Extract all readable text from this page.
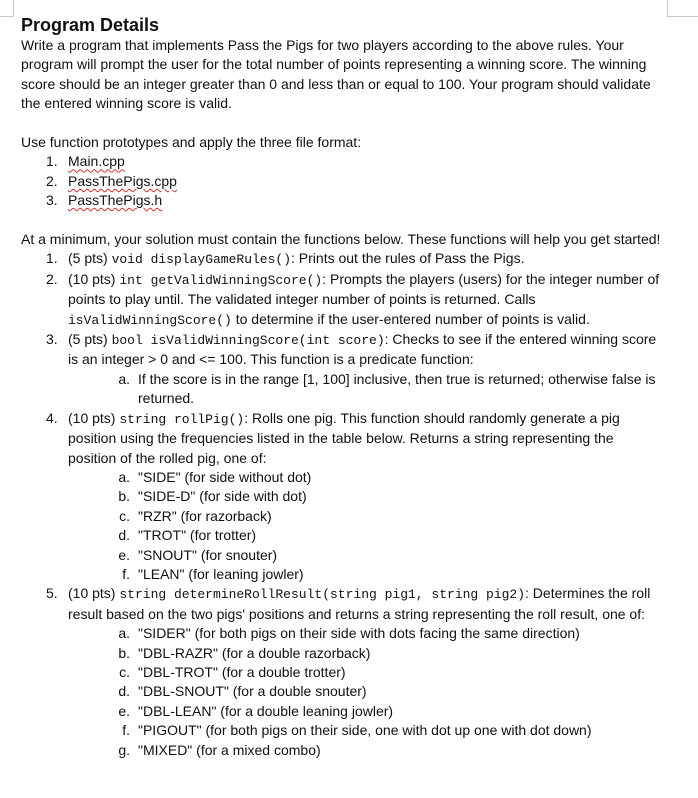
Program Details

Write a program that implements Pass the Pigs for two players according to the above rules. Your program will prompt the user for the total number of points representing a winning score. The winning score should be an integer greater than 0 and less than or equal to 100. Your program should validate the entered winning score is valid.

Use function prototypes and apply the three file format:

1. Main.cpp
2. PassThePigs.cpp
3. PassThePigs.h

At a minimum, your solution must contain the functions below. These functions will help you get started!

1. (5 pts) void displayGameRules(): Prints out the rules of Pass the Pigs.
2. (10 pts) int getValidWinningScore(): Prompts the players (users) for the integer number of points to play until. The validated integer number of points is returned. Calls isValidWinningScore() to determine if the user-entered number of points is valid.
3. (5 pts) bool isValidWinningScore(int score): Checks to see if the entered winning score is an integer > 0 and <= 100. This function is a predicate function:
a. If the score is in the range [1, 100] inclusive, then true is returned; otherwise false is returned.
4. (10 pts) string rollPig(): Rolls one pig. This function should randomly generate a pig position using the frequencies listed in the table below. Returns a string representing the position of the rolled pig, one of:
a. "SIDE" (for side without dot)
b. "SIDE-D" (for side with dot)
c. "RZR" (for razorback)
d. "TROT" (for trotter)
e. "SNOUT" (for snouter)
f. "LEAN" (for leaning jowler)
5. (10 pts) string determineRollResult(string pig1, string pig2): Determines the roll result based on the two pigs' positions and returns a string representing the roll result, one of:
a. "SIDER" (for both pigs on their side with dots facing the same direction)
b. "DBL-RAZR" (for a double razorback)
c. "DBL-TROT" (for a double trotter)
d. "DBL-SNOUT" (for a double snouter)
e. "DBL-LEAN" (for a double leaning jowler)
f. "PIGOUT" (for both pigs on their side, one with dot up one with dot down)
g. "MIXED" (for a mixed combo)
